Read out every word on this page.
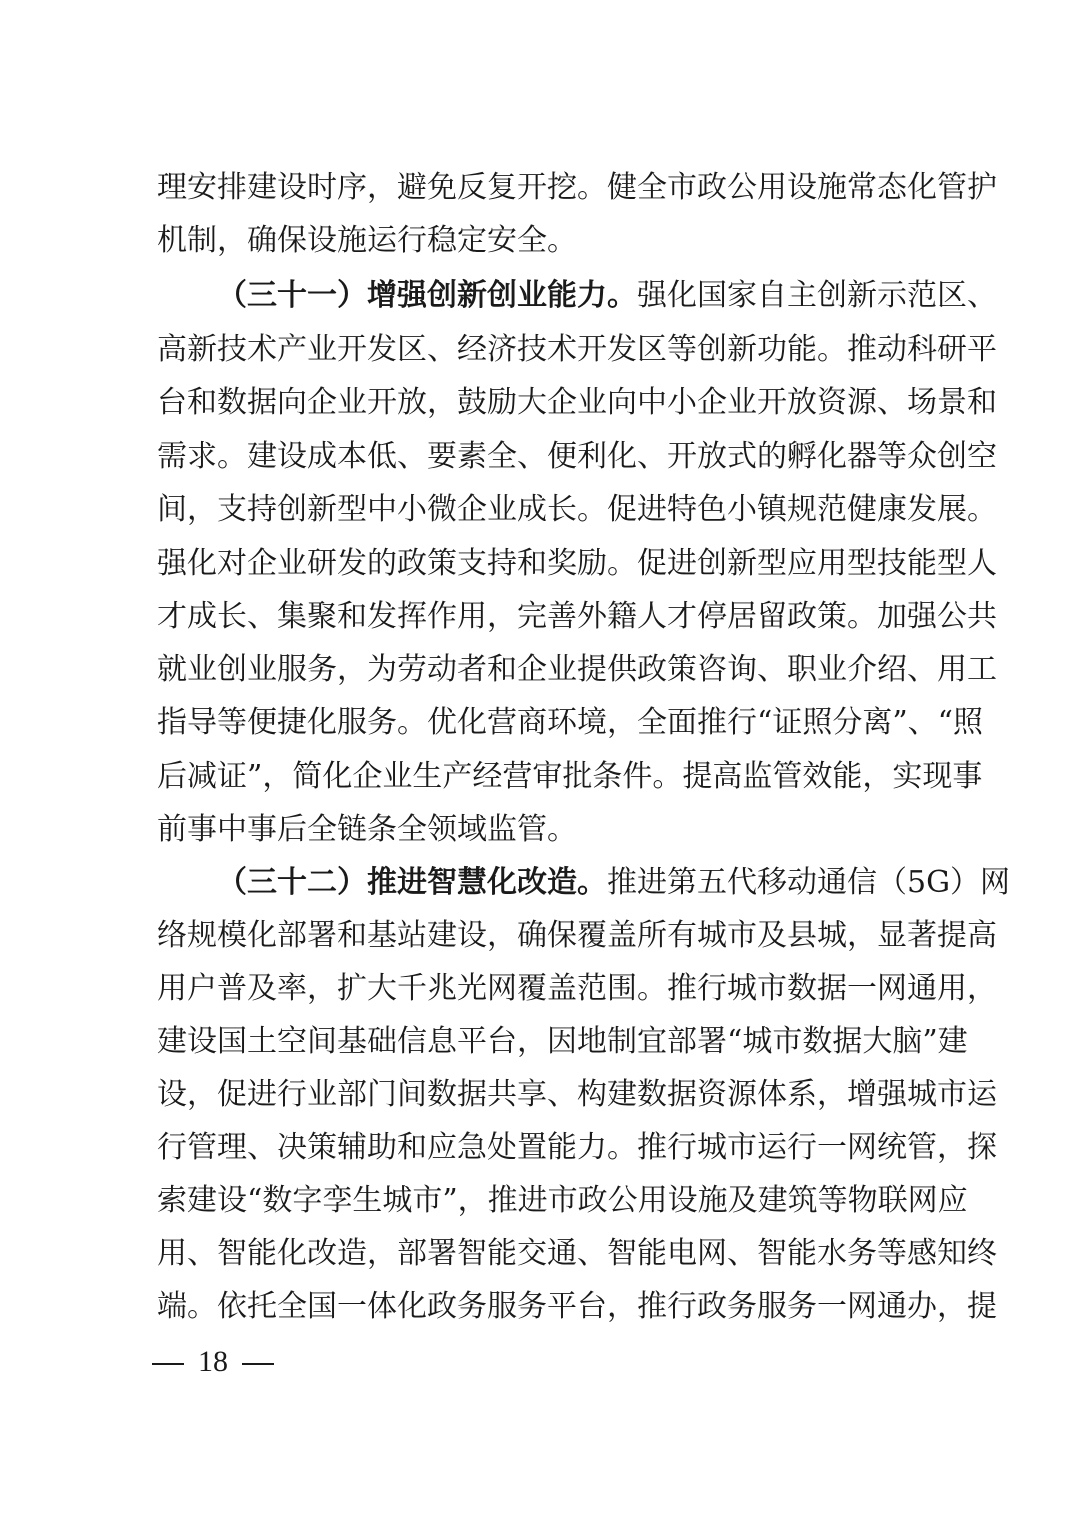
理安排建设时序，避免反复开挖。健全市政公用设施常态化管护
机制，确保设施运行稳定安全。
（三十一）增强创新创业能力。强化国家自主创新示范区、
高新技术产业开发区、经济技术开发区等创新功能。推动科研平
台和数据向企业开放，鼓励大企业向中小企业开放资源、场景和
需求。建设成本低、要素全、便利化、开放式的孵化器等众创空
间，支持创新型中小微企业成长。促进特色小镇规范健康发展。
强化对企业研发的政策支持和奖励。促进创新型应用型技能型人
才成长、集聚和发挥作用，完善外籍人才停居留政策。加强公共
就业创业服务，为劳动者和企业提供政策咨询、职业介绍、用工
指导等便捷化服务。优化营商环境，全面推行“证照分离”、“照
后减证”，简化企业生产经营审批条件。提高监管效能，实现事
前事中事后全链条全领域监管。
（三十二）推进智慧化改造。推进第五代移动通信（5G）网
络规模化部署和基站建设，确保覆盖所有城市及县城，显著提高
用户普及率，扩大千兆光网覆盖范围。推行城市数据一网通用，
建设国土空间基础信息平台，因地制宜部署“城市数据大脑”建
设，促进行业部门间数据共享、构建数据资源体系，增强城市运
行管理、决策辅助和应急处置能力。推行城市运行一网统管，探
索建设“数字孪生城市”，推进市政公用设施及建筑等物联网应
用、智能化改造，部署智能交通、智能电网、智能水务等感知终
端。依托全国一体化政务服务平台，推行政务服务一网通办，提
18
